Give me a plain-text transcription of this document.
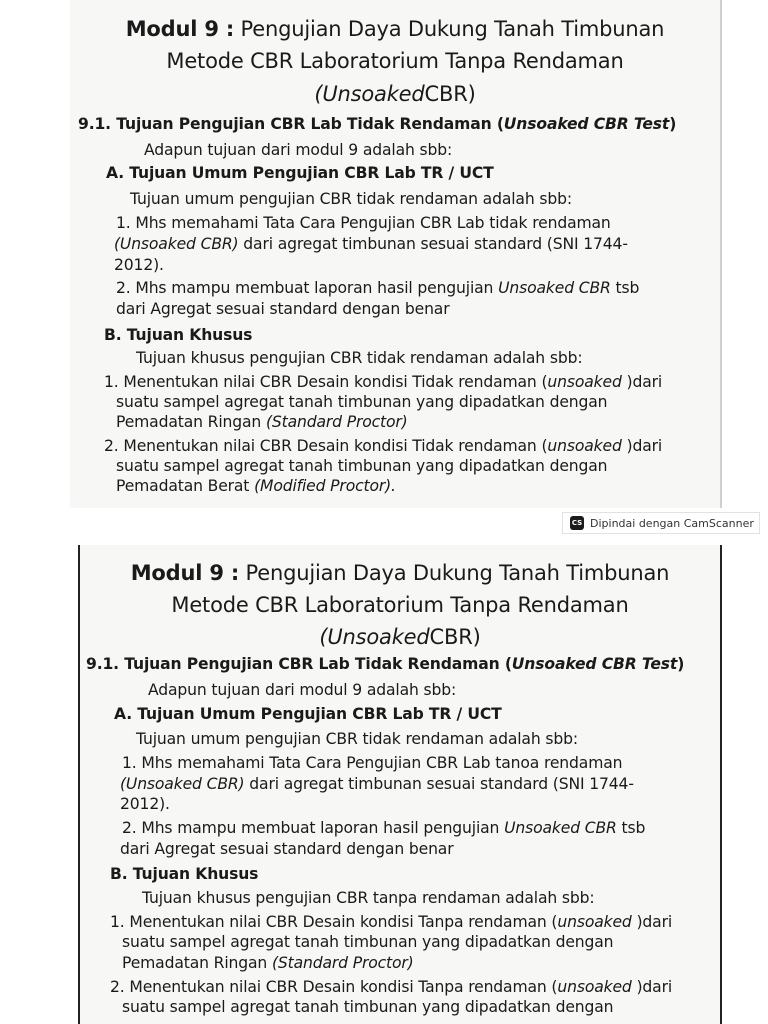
Modul 9 : Pengujian Daya Dukung Tanah Timbunan
Metode CBR Laboratorium Tanpa Rendaman
(UnsoakedCBR)
9.1. Tujuan Pengujian CBR Lab Tidak Rendaman (Unsoaked CBR Test)
Adapun tujuan dari modul 9 adalah sbb:
A. Tujuan Umum Pengujian CBR Lab TR / UCT
Tujuan umum pengujian CBR tidak rendaman adalah sbb:
1. Mhs memahami Tata Cara Pengujian CBR Lab tidak rendaman
(Unsoaked CBR) dari agregat timbunan sesuai standard (SNI 1744-
2012).
2. Mhs mampu membuat laporan hasil pengujian Unsoaked CBR tsb
dari Agregat sesuai standard dengan benar
B. Tujuan Khusus
Tujuan khusus pengujian CBR tidak rendaman adalah sbb:
1. Menentukan nilai CBR Desain kondisi Tidak rendaman (unsoaked )dari
suatu sampel agregat tanah timbunan yang dipadatkan dengan
Pemadatan Ringan (Standard Proctor)
2. Menentukan nilai CBR Desain kondisi Tidak rendaman (unsoaked )dari
suatu sampel agregat tanah timbunan yang dipadatkan dengan
Pemadatan Berat (Modified Proctor).
CS Dipindai dengan CamScanner
Modul 9 : Pengujian Daya Dukung Tanah Timbunan
Metode CBR Laboratorium Tanpa Rendaman
(UnsoakedCBR)
9.1. Tujuan Pengujian CBR Lab Tidak Rendaman (Unsoaked CBR Test)
Adapun tujuan dari modul 9 adalah sbb:
A. Tujuan Umum Pengujian CBR Lab TR / UCT
Tujuan umum pengujian CBR tidak rendaman adalah sbb:
1. Mhs memahami Tata Cara Pengujian CBR Lab tanoa rendaman
(Unsoaked CBR) dari agregat timbunan sesuai standard (SNI 1744-
2012).
2. Mhs mampu membuat laporan hasil pengujian Unsoaked CBR tsb
dari Agregat sesuai standard dengan benar
B. Tujuan Khusus
Tujuan khusus pengujian CBR tanpa rendaman adalah sbb:
1. Menentukan nilai CBR Desain kondisi Tanpa rendaman (unsoaked )dari
suatu sampel agregat tanah timbunan yang dipadatkan dengan
Pemadatan Ringan (Standard Proctor)
2. Menentukan nilai CBR Desain kondisi Tanpa rendaman (unsoaked )dari
suatu sampel agregat tanah timbunan yang dipadatkan dengan
